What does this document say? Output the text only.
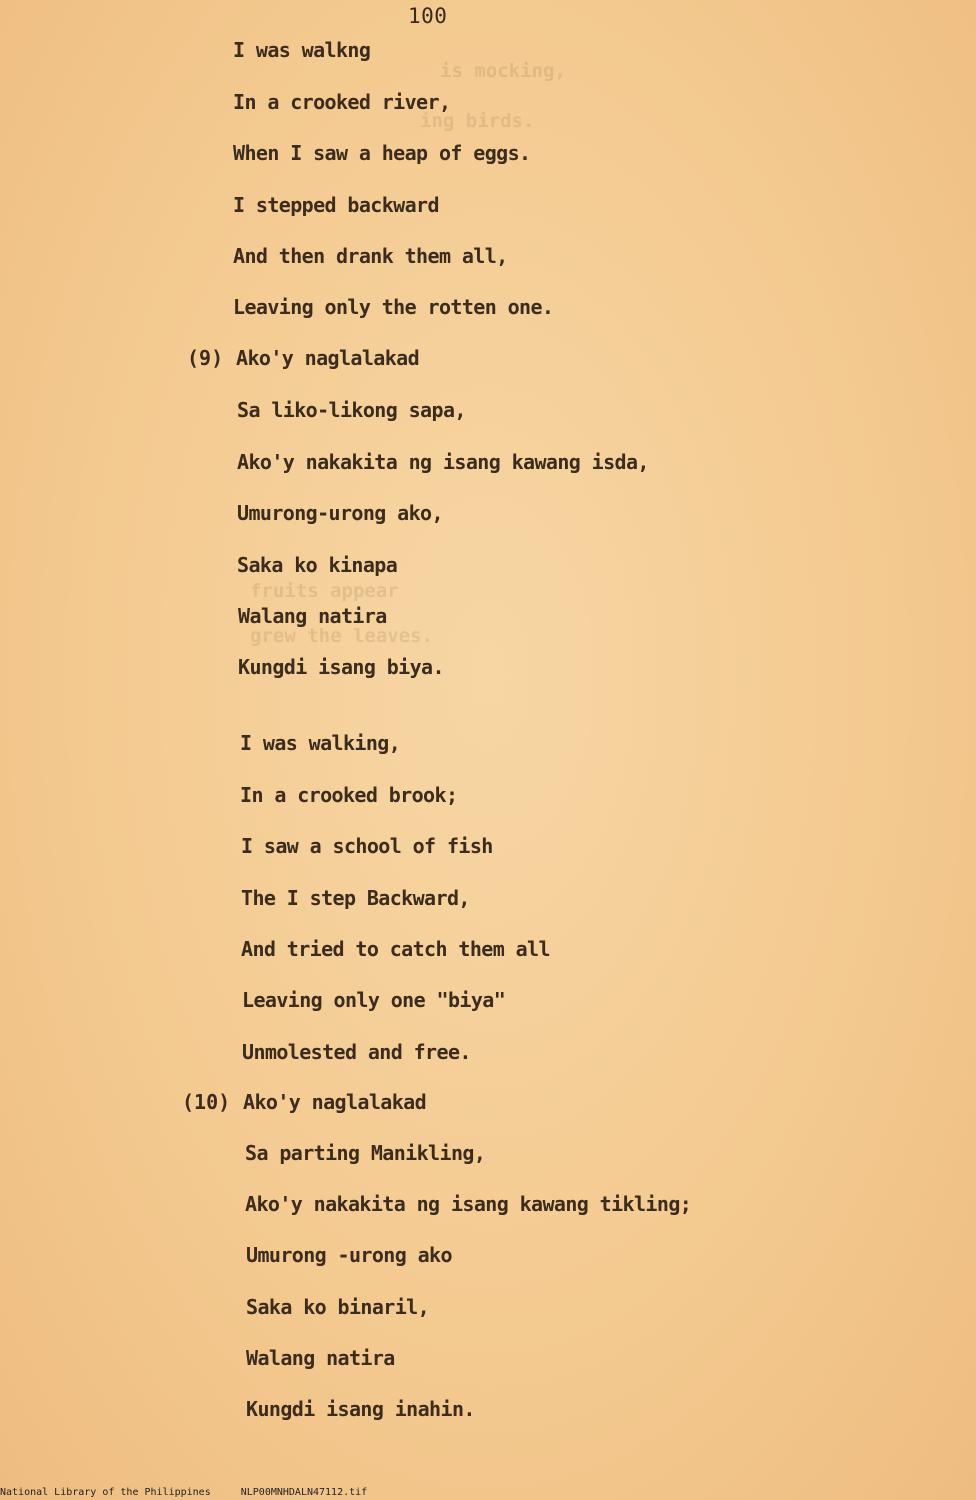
is mocking,
ing birds.
fruits appear
grew the leaves.
100
I was walkng
In a crooked river,
When I saw a heap of eggs.
I stepped backward
And then drank them all,
Leaving only the rotten one.
(9) Ako'y naglalakad
Sa liko-likong sapa,
Ako'y nakakita ng isang kawang isda,
Umurong-urong ako,
Saka ko kinapa
Walang natira
Kungdi isang biya.
I was walking,
In a crooked brook;
I saw a school of fish
The I step Backward,
And tried to catch them all
Leaving only one "biya"
Unmolested and free.
(10) Ako'y naglalakad
Sa parting Manikling,
Ako'y nakakita ng isang kawang tikling;
Umurong -urong ako
Saka ko binaril,
Walang natira
Kungdi isang inahin.
National Library of the Philippines	NLP00MNHDALN47112.tif
